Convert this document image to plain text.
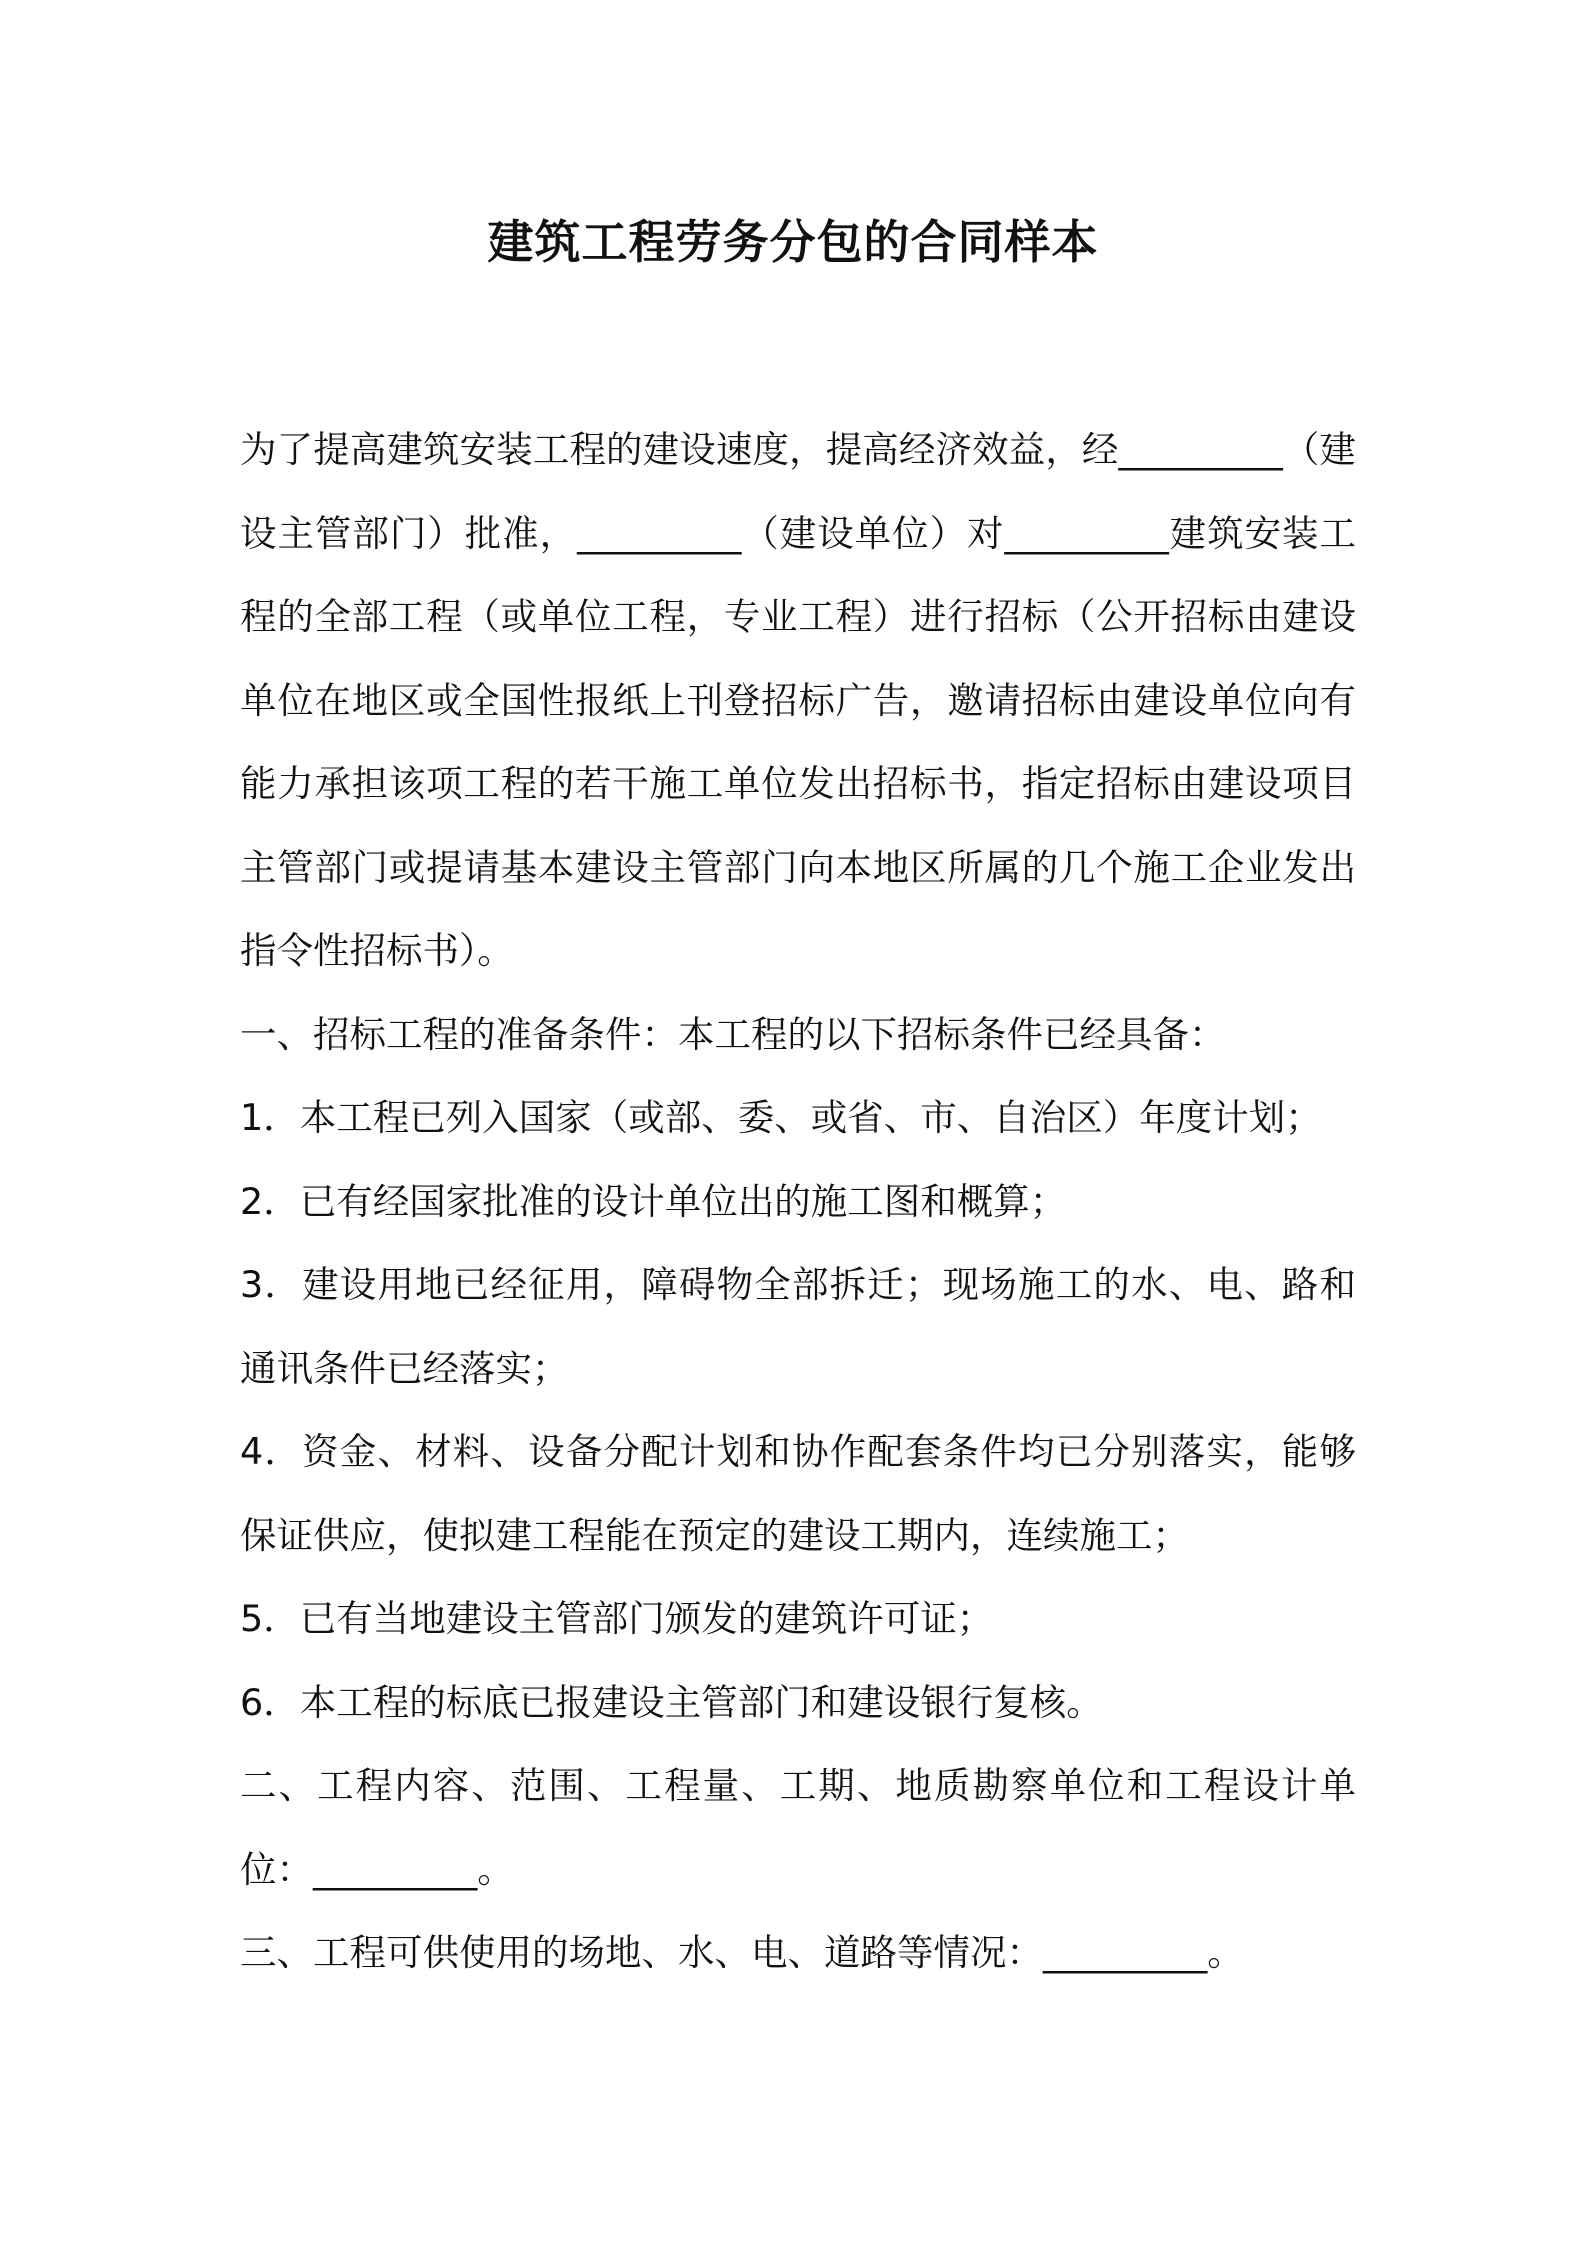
建筑工程劳务分包的合同样本

为了提高建筑安装工程的建设速度，提高经济效益，经_________（建设主管部门）批准，_________（建设单位）对_________建筑安装工程的全部工程（或单位工程，专业工程）进行招标（公开招标由建设单位在地区或全国性报纸上刊登招标广告，邀请招标由建设单位向有能力承担该项工程的若干施工单位发出招标书，指定招标由建设项目主管部门或提请基本建设主管部门向本地区所属的几个施工企业发出指令性招标书）。

一、招标工程的准备条件：本工程的以下招标条件已经具备：

1．本工程已列入国家（或部、委、或省、市、自治区）年度计划；

2．已有经国家批准的设计单位出的施工图和概算；

3．建设用地已经征用，障碍物全部拆迁；现场施工的水、电、路和通讯条件已经落实；

4．资金、材料、设备分配计划和协作配套条件均已分别落实，能够保证供应，使拟建工程能在预定的建设工期内，连续施工；

5．已有当地建设主管部门颁发的建筑许可证；

6．本工程的标底已报建设主管部门和建设银行复核。

二、工程内容、范围、工程量、工期、地质勘察单位和工程设计单位：_________。

三、工程可供使用的场地、水、电、道路等情况：_________。
